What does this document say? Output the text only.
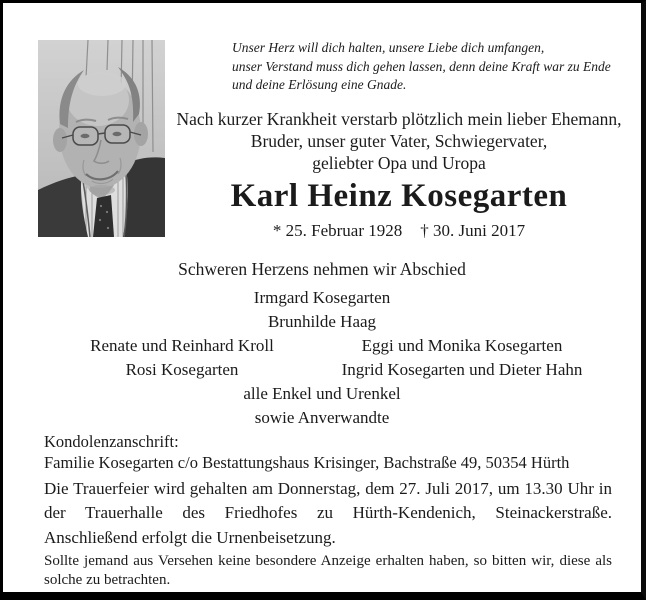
Unser Herz will dich halten, unsere Liebe dich umfangen,
unser Verstand muss dich gehen lassen, denn deine Kraft war zu Ende
und deine Erlösung eine Gnade.
Nach kurzer Krankheit verstarb plötzlich mein lieber Ehemann,
Bruder, unser guter Vater, Schwiegervater,
geliebter Opa und Uropa
Karl Heinz Kosegarten
* 25. Februar 1928 † 30. Juni 2017
Schweren Herzens nehmen wir Abschied
Irmgard Kosegarten
Brunhilde Haag
Renate und Reinhard Kroll	Eggi und Monika Kosegarten
Rosi Kosegarten	Ingrid Kosegarten und Dieter Hahn
alle Enkel und Urenkel
sowie Anverwandte
Kondolenzanschrift:
Familie Kosegarten c/o Bestattungshaus Krisinger, Bachstraße 49, 50354 Hürth
Die Trauerfeier wird gehalten am Donnerstag, dem 27. Juli 2017, um 13.30 Uhr in der Trauerhalle des Friedhofes zu Hürth-Kendenich, Steinackerstraße. Anschließend erfolgt die Urnenbeisetzung.
Sollte jemand aus Versehen keine besondere Anzeige erhalten haben, so bitten wir, diese als solche zu betrachten.
